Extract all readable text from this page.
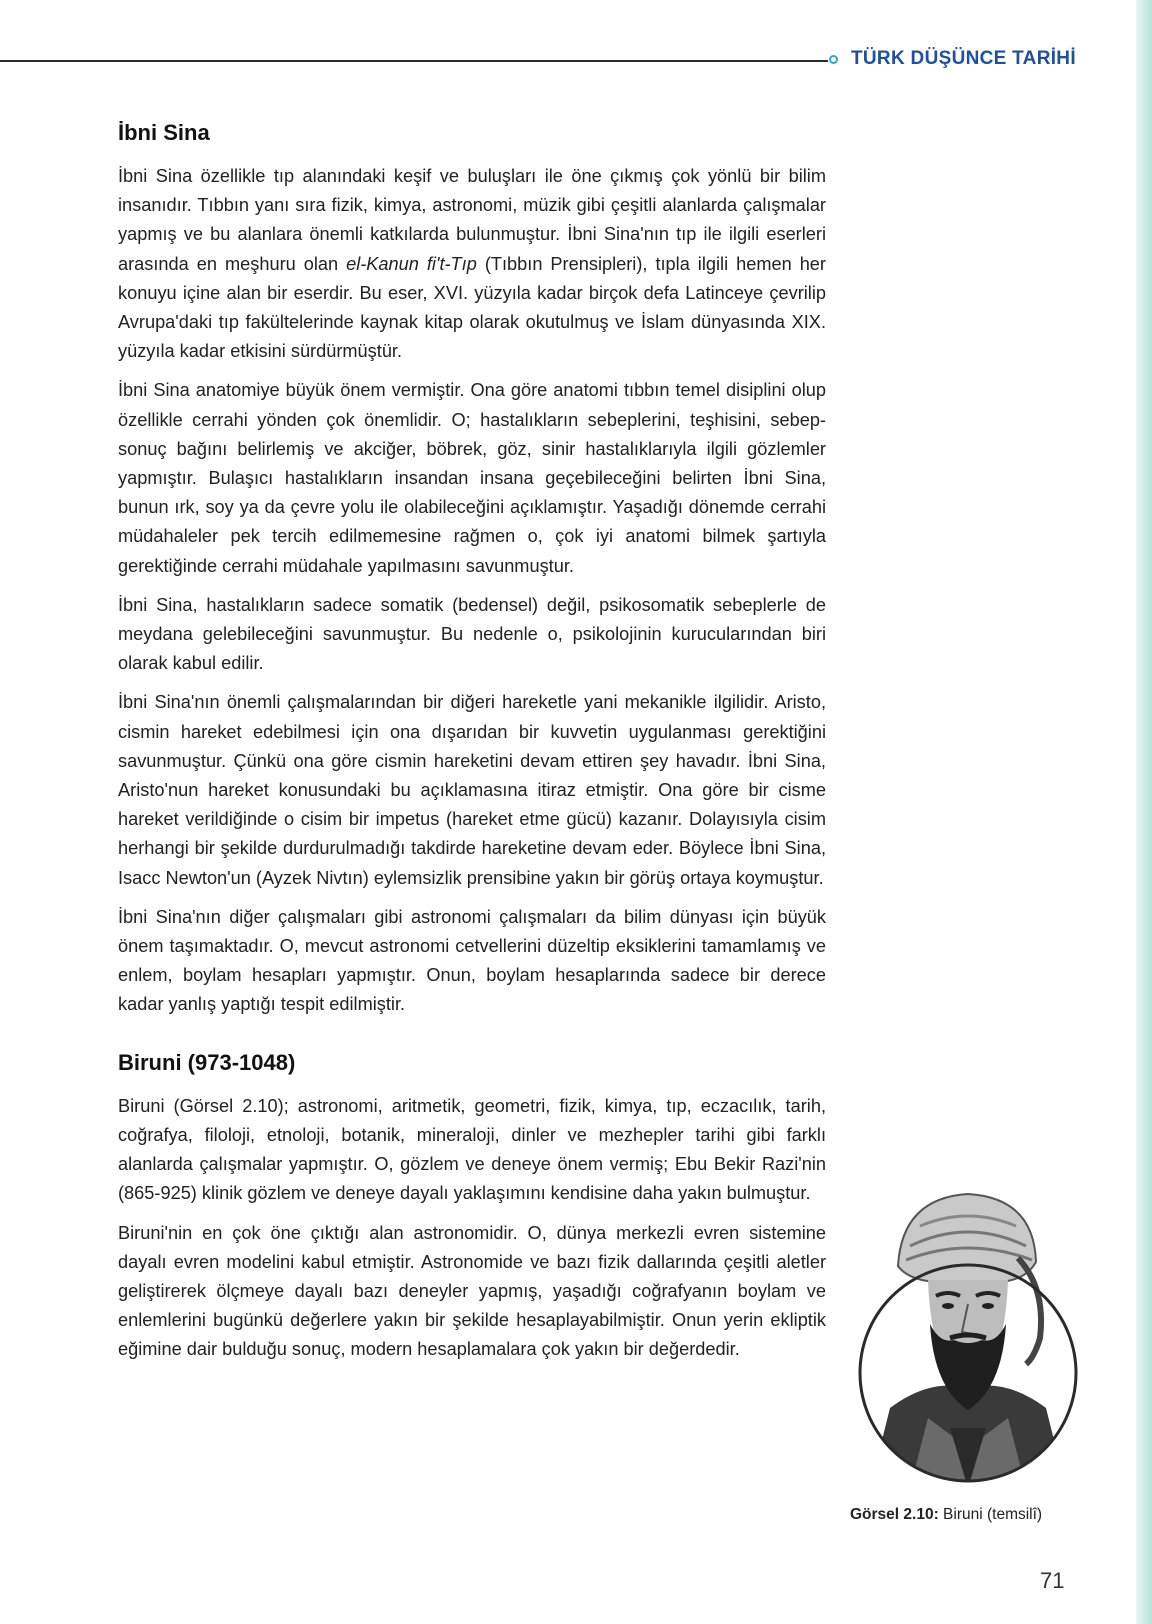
TÜRK DÜŞÜNCE TARİHİ
İbni Sina

İbni Sina özellikle tıp alanındaki keşif ve buluşları ile öne çıkmış çok yönlü bir bilim insanıdır. Tıbbın yanı sıra fizik, kimya, astronomi, müzik gibi çeşitli alanlarda çalışmalar yapmış ve bu alanlara önemli katkılarda bulunmuştur. İbni Sina'nın tıp ile ilgili eserleri arasında en meşhuru olan el-Kanun fi't-Tıp (Tıbbın Prensipleri), tıpla ilgili hemen her konuyu içine alan bir eserdir. Bu eser, XVI. yüzyıla kadar birçok defa Latinceye çevrilip Avrupa'daki tıp fakültelerinde kaynak kitap olarak okutulmuş ve İslam dünyasında XIX. yüzyıla kadar etkisini sürdürmüştür.

İbni Sina anatomiye büyük önem vermiştir. Ona göre anatomi tıbbın temel disiplini olup özellikle cerrahi yönden çok önemlidir. O; hastalıkların sebeplerini, teşhisini, sebep-sonuç bağını belirlemiş ve akciğer, böbrek, göz, sinir hastalıklarıyla ilgili gözlemler yapmıştır. Bulaşıcı hastalıkların insandan insana geçebileceğini belirten İbni Sina, bunun ırk, soy ya da çevre yolu ile olabileceğini açıklamıştır. Yaşadığı dönemde cerrahi müdahaleler pek tercih edilmemesine rağmen o, çok iyi anatomi bilmek şartıyla gerektiğinde cerrahi müdahale yapılmasını savunmuştur.

İbni Sina, hastalıkların sadece somatik (bedensel) değil, psikosomatik sebeplerle de meydana gelebileceğini savunmuştur. Bu nedenle o, psikolojinin kurucularından biri olarak kabul edilir.

İbni Sina'nın önemli çalışmalarından bir diğeri hareketle yani mekanikle ilgilidir. Aristo, cismin hareket edebilmesi için ona dışarıdan bir kuvvetin uygulanması gerektiğini savunmuştur. Çünkü ona göre cismin hareketini devam ettiren şey havadır. İbni Sina, Aristo'nun hareket konusundaki bu açıklamasına itiraz etmiştir. Ona göre bir cisme hareket verildiğinde o cisim bir impetus (hareket etme gücü) kazanır. Dolayısıyla cisim herhangi bir şekilde durdurulmadığı takdirde hareketine devam eder. Böylece İbni Sina, Isacc Newton'un (Ayzek Nivtın) eylemsizlik prensibine yakın bir görüş ortaya koymuştur.

İbni Sina'nın diğer çalışmaları gibi astronomi çalışmaları da bilim dünyası için büyük önem taşımaktadır. O, mevcut astronomi cetvellerini düzeltip eksiklerini tamamlamış ve enlem, boylam hesapları yapmıştır. Onun, boylam hesaplarında sadece bir derece kadar yanlış yaptığı tespit edilmiştir.

Biruni (973-1048)

Biruni (Görsel 2.10); astronomi, aritmetik, geometri, fizik, kimya, tıp, eczacılık, tarih, coğrafya, filoloji, etnoloji, botanik, mineraloji, dinler ve mezhepler tarihi gibi farklı alanlarda çalışmalar yapmıştır. O, gözlem ve deneye önem vermiş; Ebu Bekir Razi'nin (865-925) klinik gözlem ve deneye dayalı yaklaşımını kendisine daha yakın bulmuştur.

Biruni'nin en çok öne çıktığı alan astronomidir. O, dünya merkezli evren sistemine dayalı evren modelini kabul etmiştir. Astronomide ve bazı fizik dallarında çeşitli aletler geliştirerek ölçmeye dayalı bazı deneyler yapmış, yaşadığı coğrafyanın boylam ve enlemlerini bugünkü değerlere yakın bir şekilde hesaplayabilmiştir. Onun yerin ekliptik eğimine dair bulduğu sonuç, modern hesaplamalara çok yakın bir değerdedir.

Görsel 2.10: Biruni (temsilî)
71
